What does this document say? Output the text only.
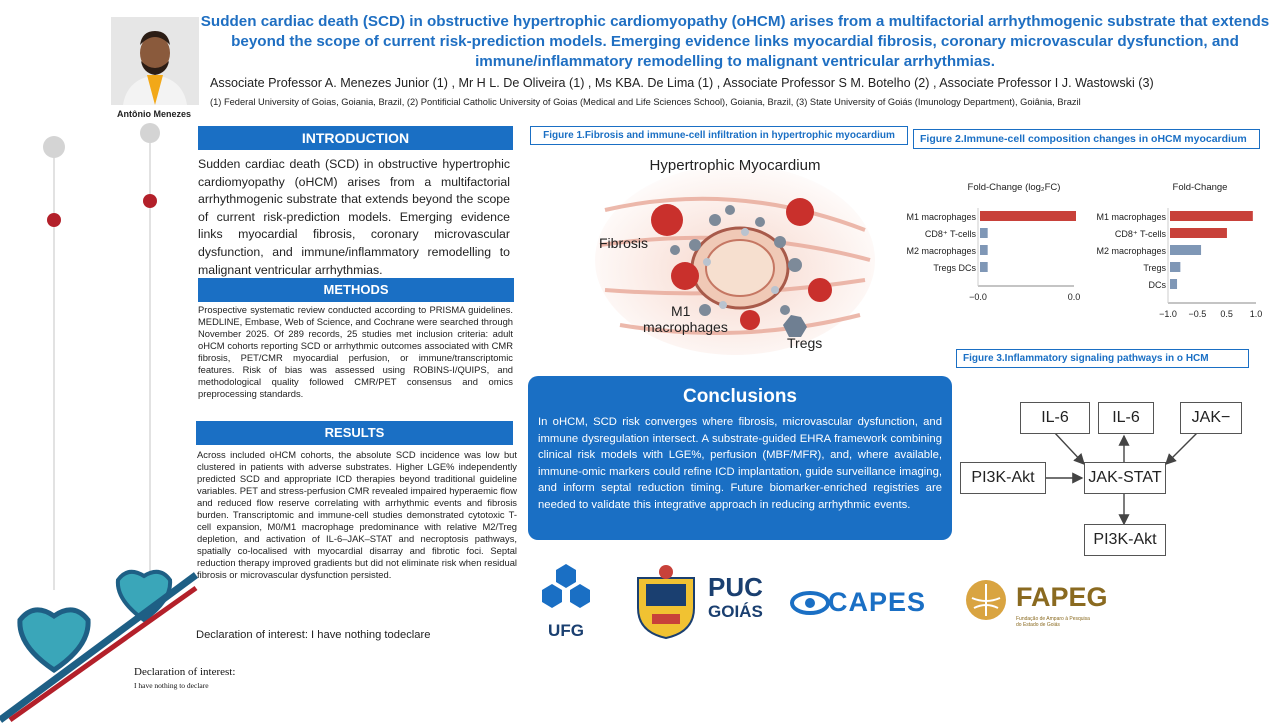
Antônio Menezes
Sudden cardiac death (SCD) in obstructive hypertrophic cardiomyopathy (oHCM) arises from a multifactorial arrhythmogenic substrate that extends beyond the scope of current risk-prediction models. Emerging evidence links myocardial fibrosis, coronary microvascular dysfunction, and immune/inflammatory remodelling to malignant ventricular arrhythmias.
Associate Professor A. Menezes Junior (1) , Mr H L. De Oliveira (1) , Ms KBA. De Lima (1) , Associate Professor S M. Botelho (2) , Associate Professor I J. Wastowski (3)
(1) Federal University of Goias, Goiania, Brazil, (2) Pontificial Catholic University of Goias (Medical and Life Sciences School), Goiania, Brazil, (3) State University of Goiás (Imunology Department), Goiânia, Brazil
INTRODUCTION
Sudden cardiac death (SCD) in obstructive hypertrophic cardiomyopathy (oHCM) arises from a multifactorial arrhythmogenic substrate that extends beyond the scope of current risk-prediction models. Emerging evidence links myocardial fibrosis, coronary microvascular dysfunction, and immune/inflammatory remodelling to malignant ventricular arrhythmias.
METHODS
Prospective systematic review conducted according to PRISMA guidelines. MEDLINE, Embase, Web of Science, and Cochrane were searched through November 2025. Of 289 records, 25 studies met inclusion criteria: adult oHCM cohorts reporting SCD or arrhythmic outcomes associated with CMR fibrosis, PET/CMR myocardial perfusion, or immune/transcriptomic features. Risk of bias was assessed using ROBINS-I/QUIPS, and methodological quality followed CMR/PET consensus and omics preprocessing standards.
RESULTS
Across included oHCM cohorts, the absolute SCD incidence was low but clustered in patients with adverse substrates. Higher LGE% independently predicted SCD and appropriate ICD therapies beyond traditional guideline variables. PET and stress-perfusion CMR revealed impaired hyperaemic flow and reduced flow reserve correlating with arrhythmic events and fibrosis burden. Transcriptomic and immune-cell studies demonstrated cytotoxic T-cell expansion, M0/M1 macrophage predominance with relative M2/Treg depletion, and activation of IL-6–JAK–STAT and necroptosis pathways, spatially co-localised with myocardial disarray and fibrotic foci. Septal reduction therapy improved gradients but did not eliminate risk when residual fibrosis or microvascular dysfunction persisted.
Declaration of interest: I have nothing todeclare
Declaration of interest:
I have nothing to declare
Figure 1.Fibrosis and immune-cell infiltration in hypertrophic myocardium
Hypertrophic Myocardium
Fibrosis
M1
macrophages
Tregs
Figure 2.Immune-cell composition changes in oHCM myocardium
Fold-Change (log₂FC)
M1 macrophages
CD8⁺ T-cells
M2 macrophages
Tregs DCs
−0.0	0.0
Fold-Change
M1 macrophages
CD8⁺ T-cells
M2 macrophages
Tregs
DCs
−1.0 −0.5 0.5 1.0
Figure 3.Inflammatory signaling pathways in o HCM
IL-6	IL-6	JAK−
PI3K-Akt	JAK-STAT
PI3K-Akt
Conclusions

In oHCM, SCD risk converges where fibrosis, microvascular dysfunction, and immune dysregulation intersect. A substrate-guided EHRA framework combining clinical risk models with LGE%, perfusion (MBF/MFR), and, where available, immune-omic markers could refine ICD implantation, guide surveillance imaging, and inform septal reduction timing. Future biomarker-enriched registries are needed to validate this integrative approach in reducing arrhythmic events.

UFG
PUC
GOIÁS CAPES	FAPEG
Fundação de Amparo à Pesquisa do Estado de Goiás
